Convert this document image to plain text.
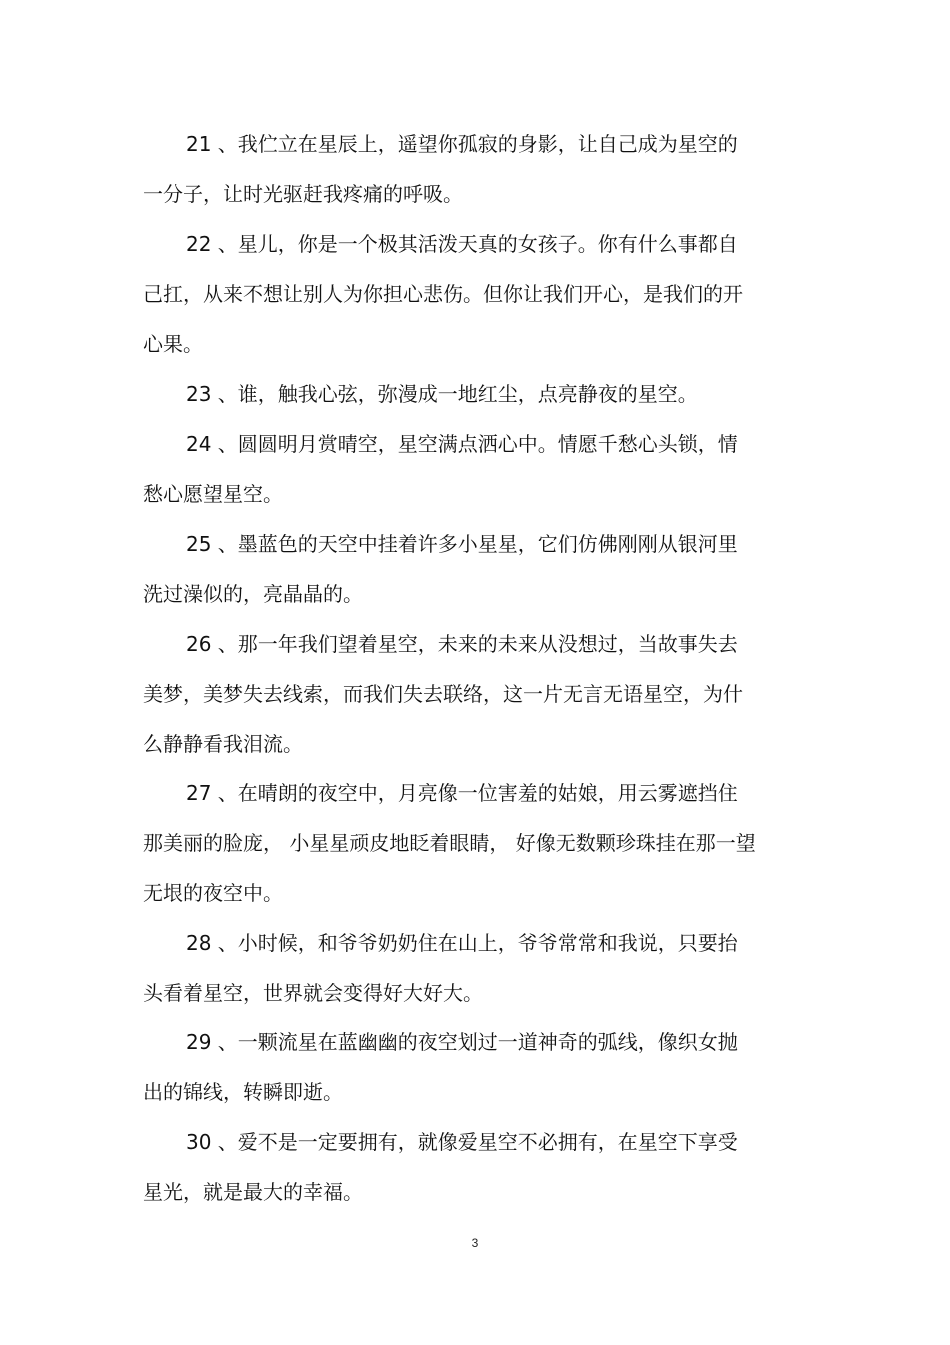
21 、我伫立在星辰上，遥望你孤寂的身影，让自己成为星空的
一分子，让时光驱赶我疼痛的呼吸。
22 、星儿，你是一个极其活泼天真的女孩子。你有什么事都自
己扛，从来不想让别人为你担心悲伤。但你让我们开心，是我们的开
心果。
23 、谁，触我心弦，弥漫成一地红尘，点亮静夜的星空。
24 、圆圆明月赏晴空，星空满点洒心中。情愿千愁心头锁，情
愁心愿望星空。
25 、墨蓝色的天空中挂着许多小星星，它们仿佛刚刚从银河里
洗过澡似的，亮晶晶的。
26 、那一年我们望着星空，未来的未来从没想过，当故事失去
美梦，美梦失去线索，而我们失去联络，这一片无言无语星空，为什
么静静看我泪流。
27 、在晴朗的夜空中，月亮像一位害羞的姑娘，用云雾遮挡住
那美丽的脸庞， 小星星顽皮地眨着眼睛， 好像无数颗珍珠挂在那一望
无垠的夜空中。
28 、小时候，和爷爷奶奶住在山上，爷爷常常和我说，只要抬
头看着星空，世界就会变得好大好大。
29 、一颗流星在蓝幽幽的夜空划过一道神奇的弧线，像织女抛
出的锦线，转瞬即逝。
30 、爱不是一定要拥有，就像爱星空不必拥有，在星空下享受
星光，就是最大的幸福。
3
